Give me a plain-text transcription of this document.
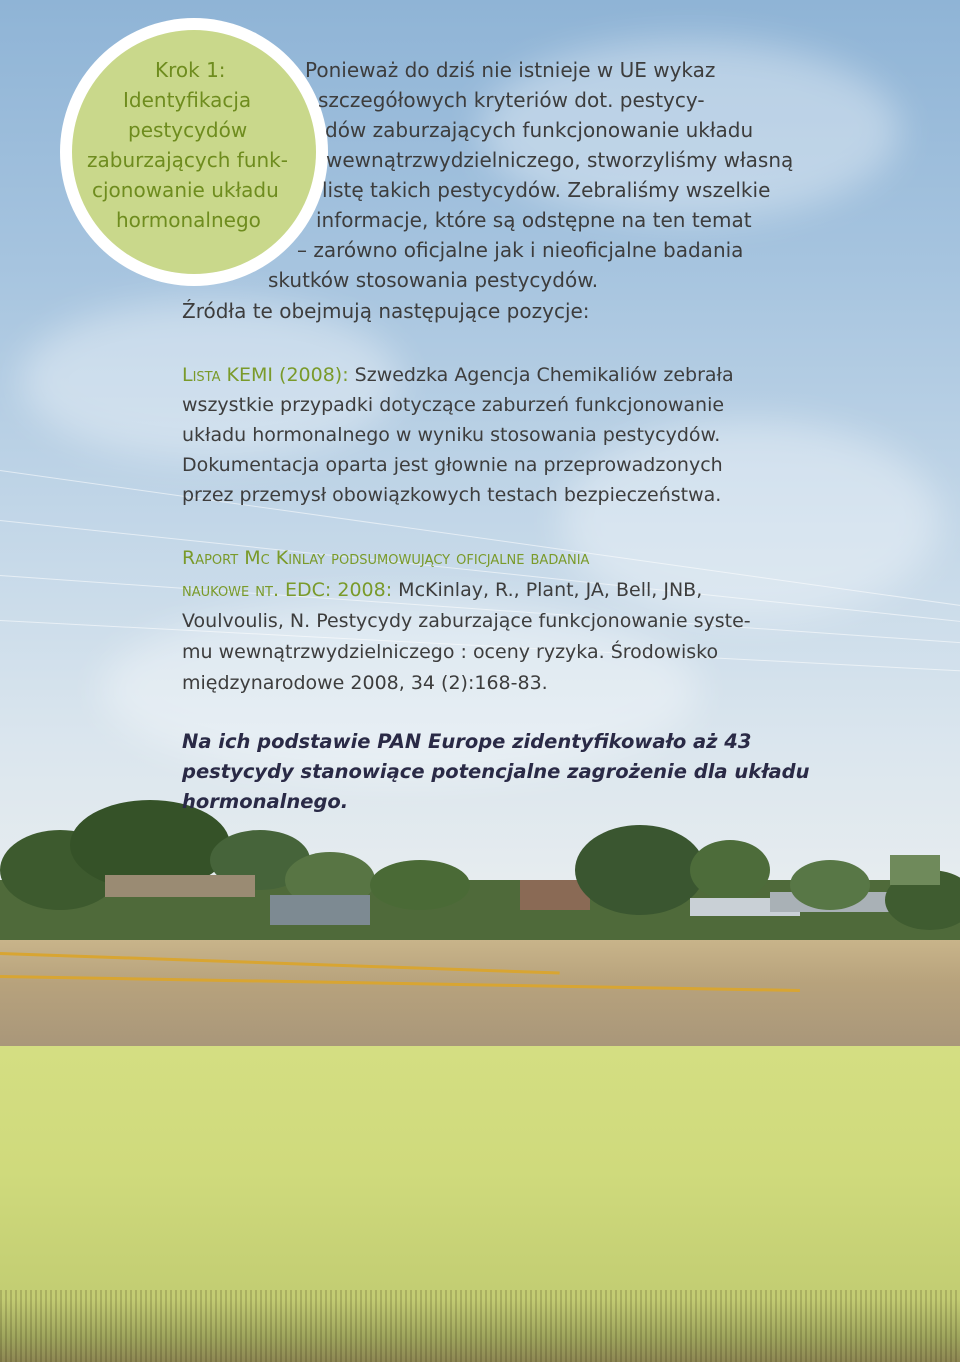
Krok 1:
Identyfikacja
pestycydów
zaburzających funk-
cjonowanie układu
hormonalnego
Ponieważ do dziś nie istnieje w UE wykaz
szczegółowych kryteriów dot. pestycy-
dów zaburzających funkcjonowanie układu
wewnątrzwydzielniczego, stworzyliśmy własną
listę takich pestycydów. Zebraliśmy wszelkie
informacje, które są odstępne na ten temat
– zarówno oficjalne jak i nieoficjalne badania
skutków stosowania pestycydów.
Źródła te obejmują następujące pozycje:
Lista KEMI (2008): Szwedzka Agencja Chemikaliów zebrała
wszystkie przypadki dotyczące zaburzeń funkcjonowanie
układu hormonalnego w wyniku stosowania pestycydów.
Dokumentacja oparta jest głownie na przeprowadzonych
przez przemysł obowiązkowych testach bezpieczeństwa.
Raport Mc Kinlay podsumowujący oficjalne badania
naukowe nt. EDC: 2008: McKinlay, R., Plant, JA, Bell, JNB,
Voulvoulis, N. Pestycydy zaburzające funkcjonowanie syste-
mu wewnątrzwydzielniczego : oceny ryzyka. Środowisko
międzynarodowe 2008, 34 (2):168-83.
Na ich podstawie PAN Europe zidentyfikowało aż 43
pestycydy stanowiące potencjalne zagrożenie dla układu
hormonalnego.
